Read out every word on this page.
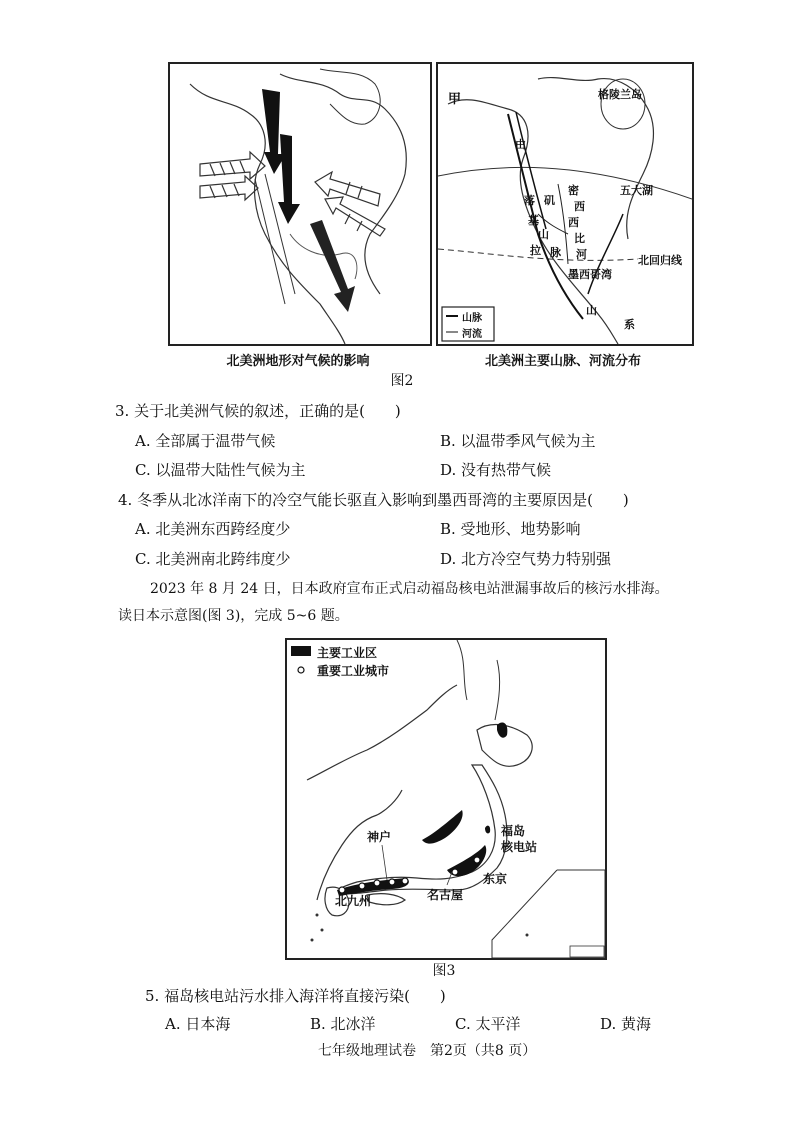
甲	格陵兰岛
由
五大湖
落 矶
密
西
基	西
山 比
拉 脉 河
墨西哥湾
北回归线
山
系
山脉
河流
北美洲地形对气候的影响	北美洲主要山脉、河流分布
图2
3. 关于北美洲气候的叙述，正确的是(　　)
A. 全部属于温带气候	B. 以温带季风气候为主
C. 以温带大陆性气候为主	D. 没有热带气候
4. 冬季从北冰洋南下的冷空气能长驱直入影响到墨西哥湾的主要原因是(　　)
A. 北美洲东西跨经度少	B. 受地形、地势影响
C. 北美洲南北跨纬度少	D. 北方冷空气势力特别强
2023 年 8 月 24 日，日本政府宣布正式启动福岛核电站泄漏事故后的核污水排海。
读日本示意图(图 3)，完成 5~6 题。
主要工业区
重要工业城市
神户	福岛
核电站
东京
名古屋
北九州
图3
5. 福岛核电站污水排入海洋将直接污染(　　)
A. 日本海	B. 北冰洋	C. 太平洋	D. 黄海
七年级地理试卷　第2页（共8 页）
